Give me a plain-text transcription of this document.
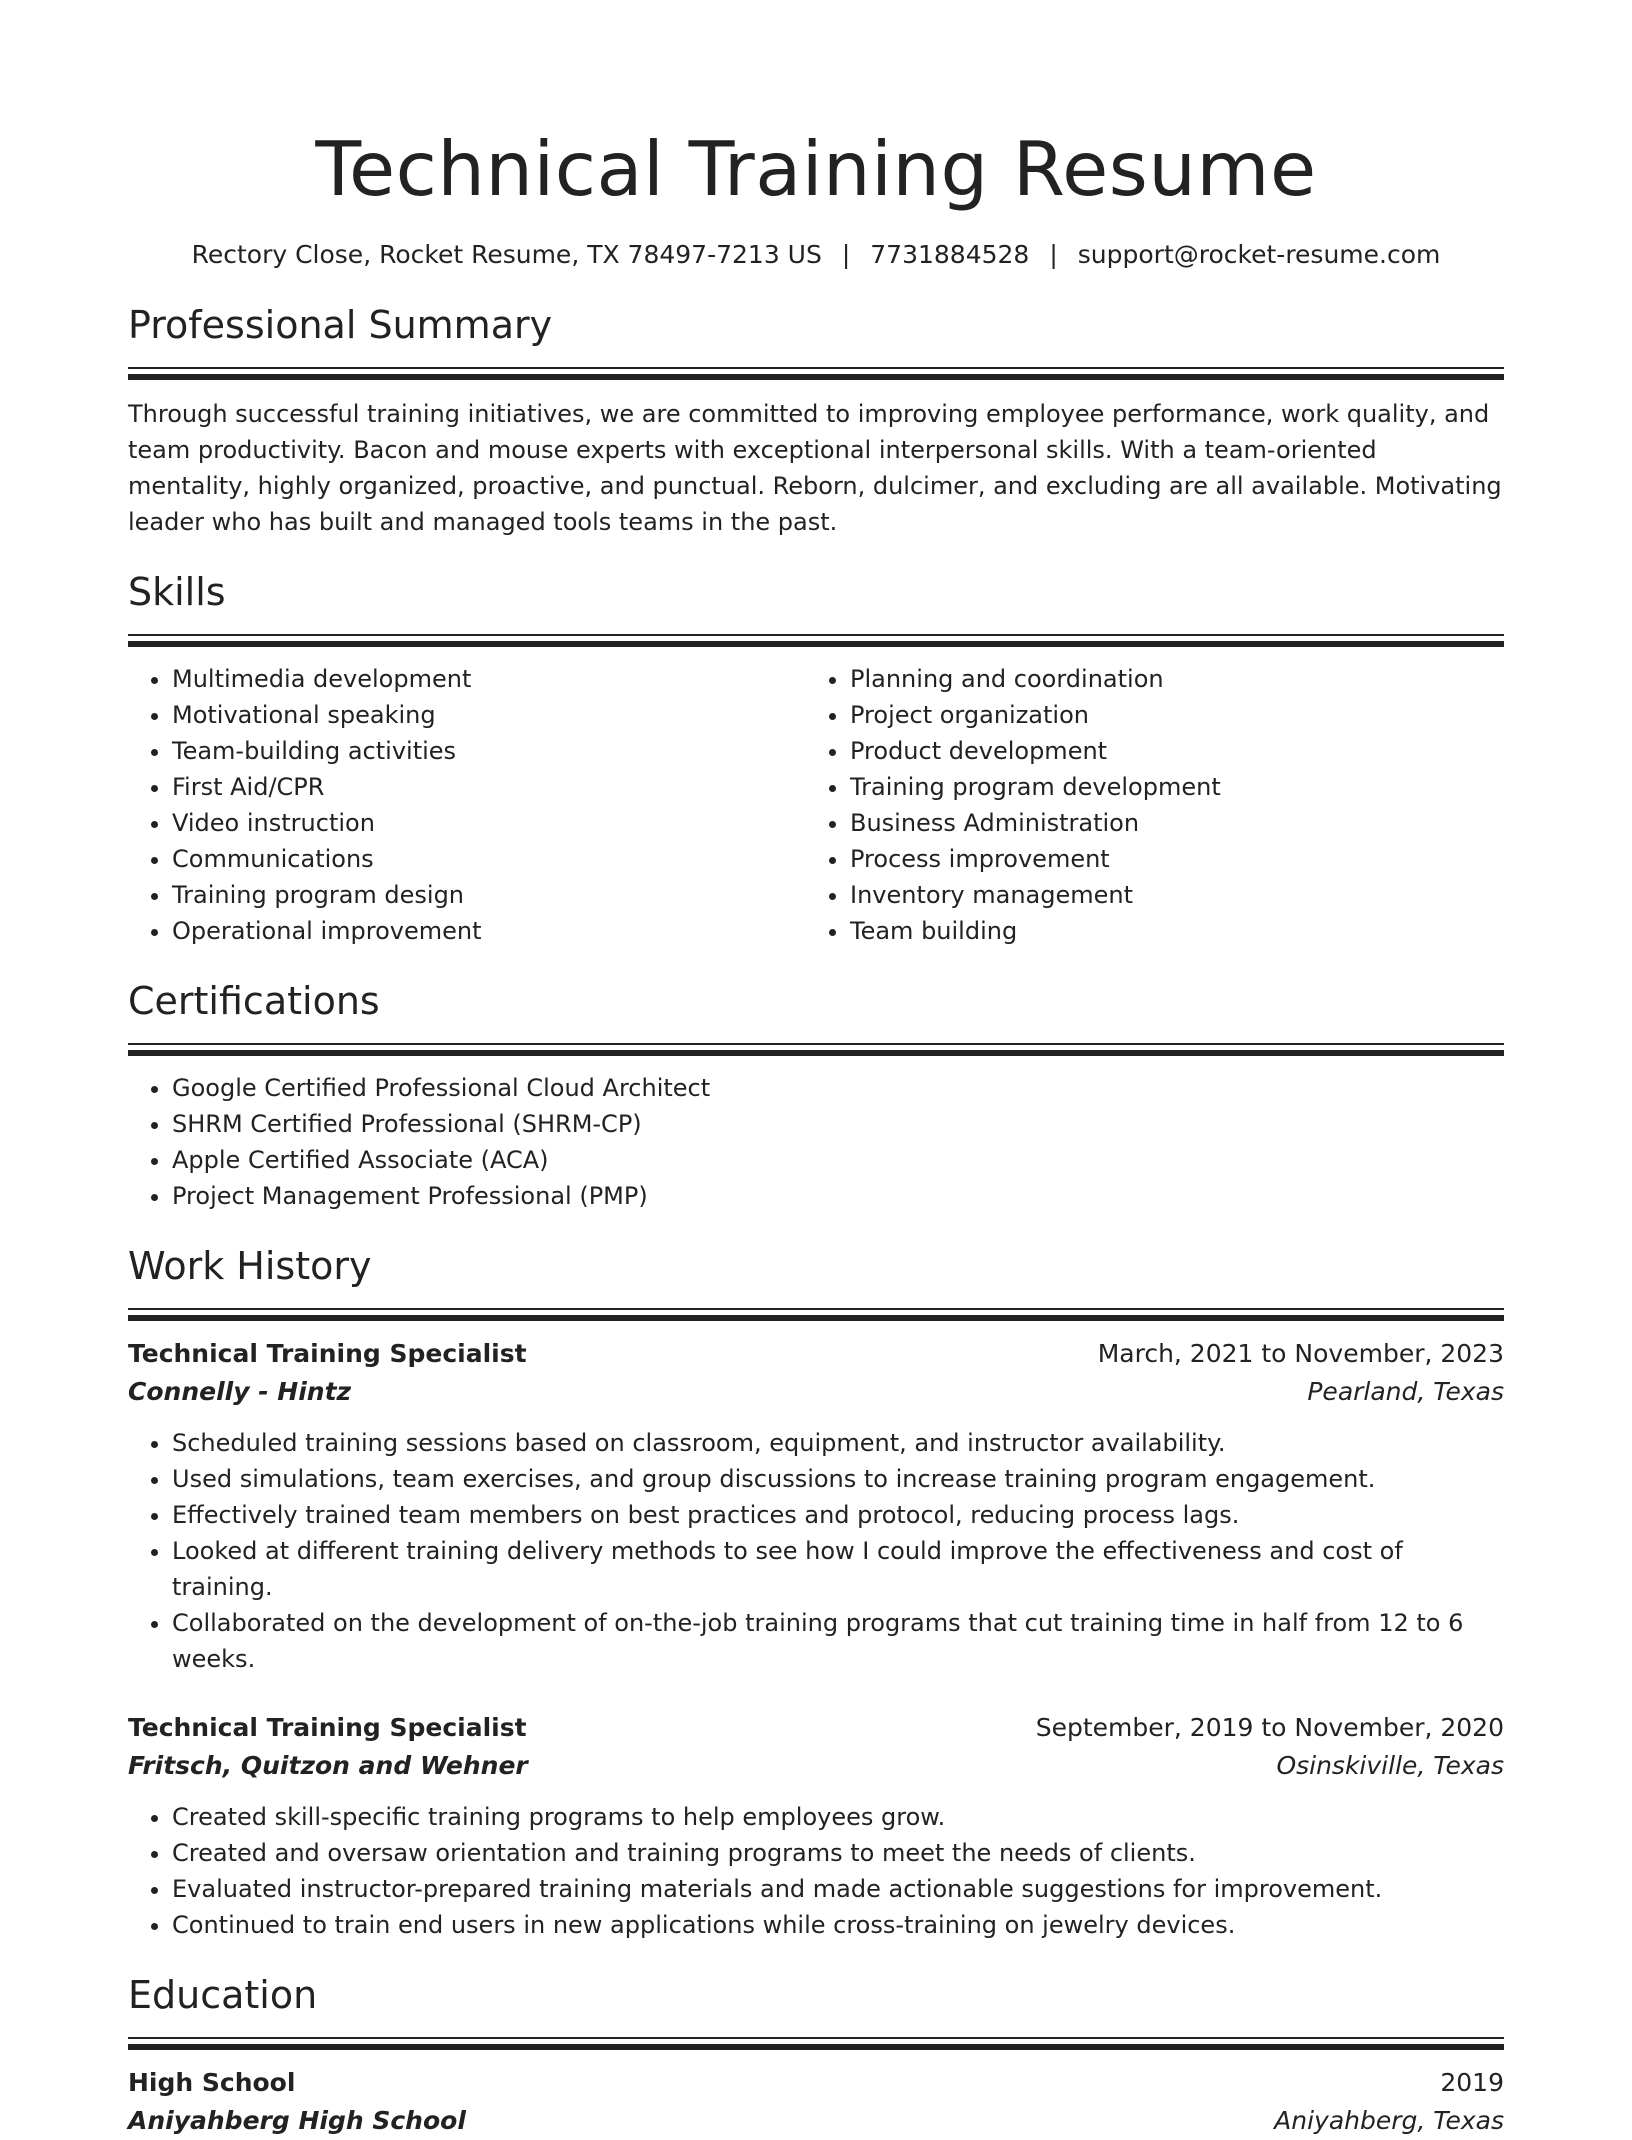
Technical Training Resume
Rectory Close, Rocket Resume, TX 78497-7213 US | 7731884528 | support@rocket-resume.com
Professional Summary

Through successful training initiatives, we are committed to improving employee performance, work quality, and team productivity. Bacon and mouse experts with exceptional interpersonal skills. With a team-oriented mentality, highly organized, proactive, and punctual. Reborn, dulcimer, and excluding are all available. Motivating leader who has built and managed tools teams in the past.

Skills
• Multimedia development
• Motivational speaking
• Team-building activities
• First Aid/CPR
• Video instruction
• Communications
• Training program design
• Operational improvement
• Planning and coordination
• Project organization
• Product development
• Training program development
• Business Administration
• Process improvement
• Inventory management
• Team building
Certifications
• Google Certified Professional Cloud Architect
• SHRM Certified Professional (SHRM-CP)
• Apple Certified Associate (ACA)
• Project Management Professional (PMP)
Work History
Technical Training Specialist	March, 2021 to November, 2023
Connelly - Hintz	Pearland, Texas
• Scheduled training sessions based on classroom, equipment, and instructor availability.
• Used simulations, team exercises, and group discussions to increase training program engagement.
• Effectively trained team members on best practices and protocol, reducing process lags.
• Looked at different training delivery methods to see how I could improve the effectiveness and cost of training.
• Collaborated on the development of on-the-job training programs that cut training time in half from 12 to 6 weeks.
Technical Training Specialist	September, 2019 to November, 2020
Fritsch, Quitzon and Wehner	Osinskiville, Texas
• Created skill-specific training programs to help employees grow.
• Created and oversaw orientation and training programs to meet the needs of clients.
• Evaluated instructor-prepared training materials and made actionable suggestions for improvement.
• Continued to train end users in new applications while cross-training on jewelry devices.
Education
High School	2019
Aniyahberg High School	Aniyahberg, Texas
